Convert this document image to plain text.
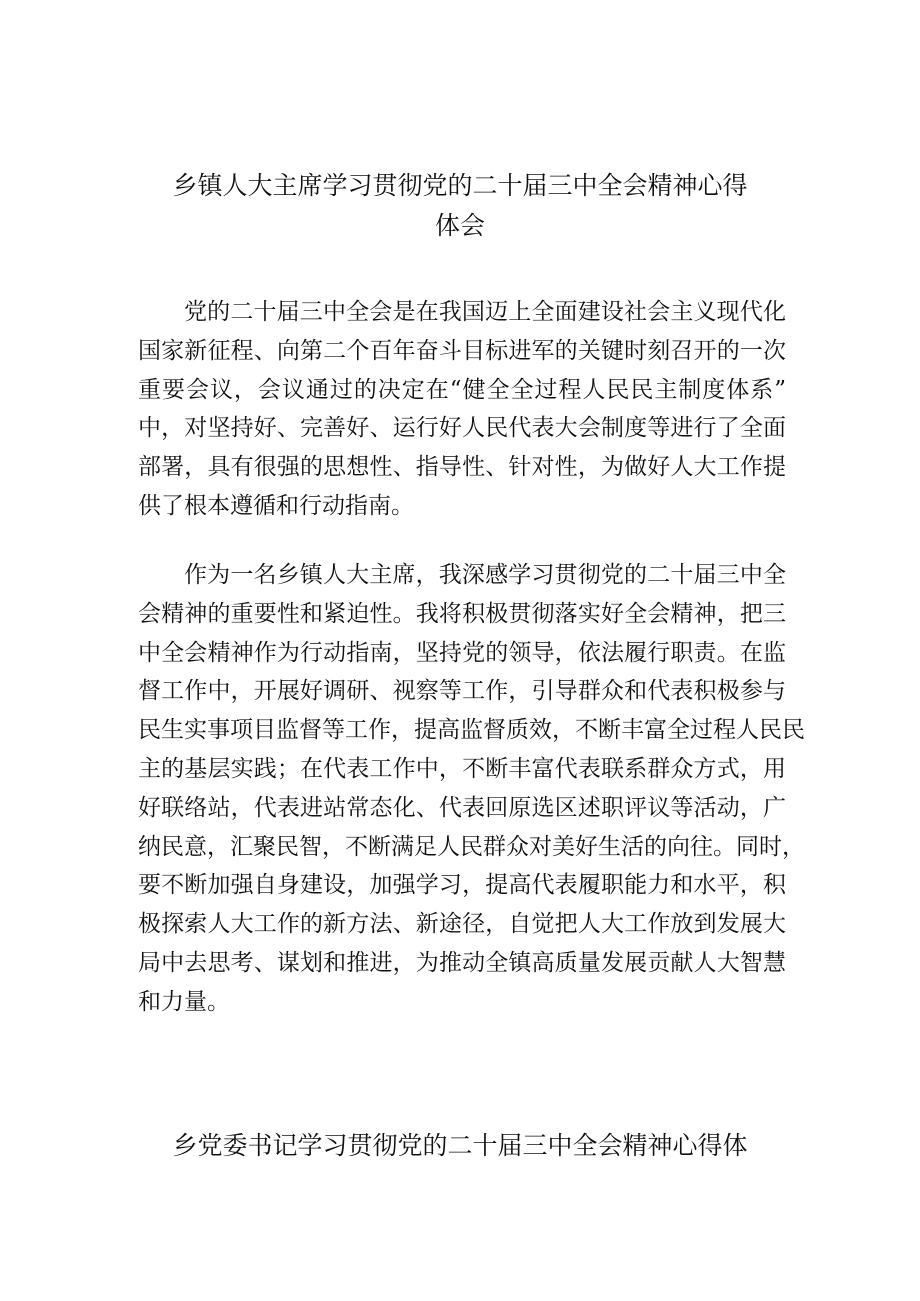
乡镇人大主席学习贯彻党的二十届三中全会精神心得
体会
党的二十届三中全会是在我国迈上全面建设社会主义现代化
国家新征程、向第二个百年奋斗目标进军的关键时刻召开的一次
重要会议，会议通过的决定在“健全全过程人民民主制度体系”
中，对坚持好、完善好、运行好人民代表大会制度等进行了全面
部署，具有很强的思想性、指导性、针对性，为做好人大工作提
供了根本遵循和行动指南。
作为一名乡镇人大主席，我深感学习贯彻党的二十届三中全
会精神的重要性和紧迫性。我将积极贯彻落实好全会精神，把三
中全会精神作为行动指南，坚持党的领导，依法履行职责。在监
督工作中，开展好调研、视察等工作，引导群众和代表积极参与
民生实事项目监督等工作，提高监督质效，不断丰富全过程人民民
主的基层实践；在代表工作中，不断丰富代表联系群众方式，用
好联络站，代表进站常态化、代表回原选区述职评议等活动，广
纳民意，汇聚民智，不断满足人民群众对美好生活的向往。同时，
要不断加强自身建设，加强学习，提高代表履职能力和水平，积
极探索人大工作的新方法、新途径，自觉把人大工作放到发展大
局中去思考、谋划和推进，为推动全镇高质量发展贡献人大智慧
和力量。
乡党委书记学习贯彻党的二十届三中全会精神心得体
